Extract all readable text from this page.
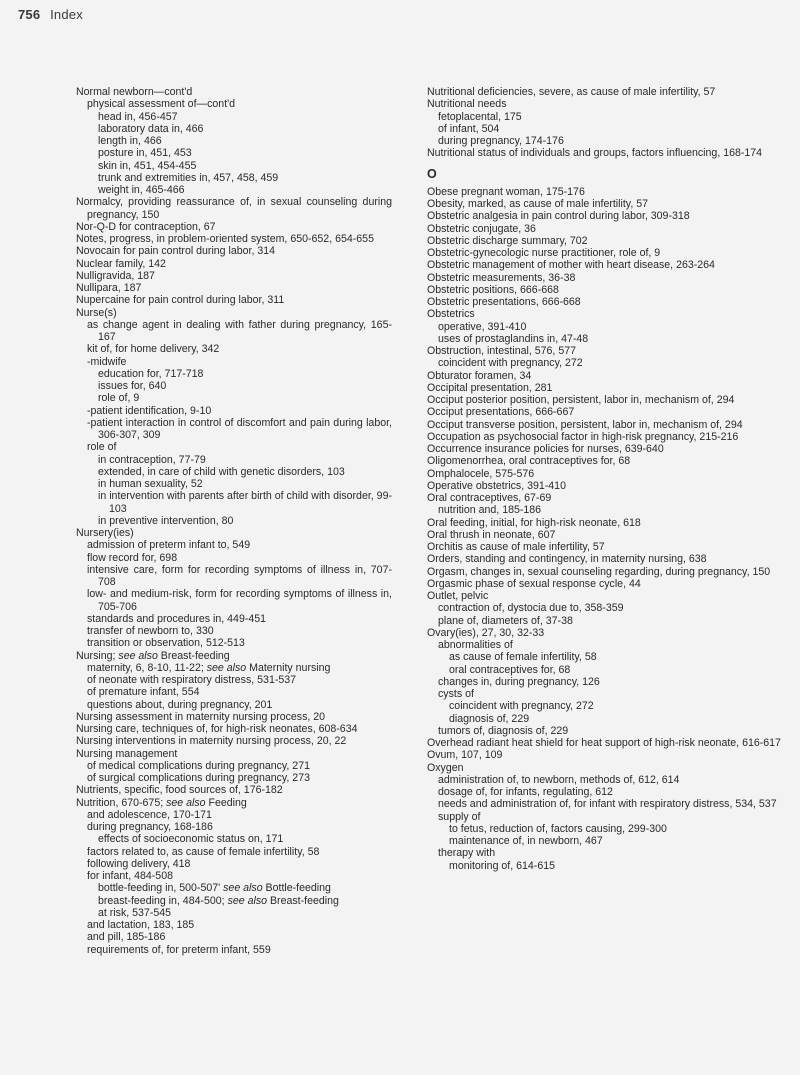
756 Index
Normal newborn—cont'd
physical assessment of—cont'd
head in, 456-457
laboratory data in, 466
length in, 466
posture in, 451, 453
skin in, 451, 454-455
trunk and extremities in, 457, 458, 459
weight in, 465-466
Normalcy, providing reassurance of, in sexual counseling during pregnancy, 150
Nor-Q-D for contraception, 67
Notes, progress, in problem-oriented system, 650-652, 654-655
Novocain for pain control during labor, 314
Nuclear family, 142
Nulligravida, 187
Nullipara, 187
Nupercaine for pain control during labor, 311
Nurse(s)
as change agent in dealing with father during pregnancy, 165-167
kit of, for home delivery, 342
-midwife
education for, 717-718
issues for, 640
role of, 9
-patient identification, 9-10
-patient interaction in control of discomfort and pain during labor, 306-307, 309
role of
in contraception, 77-79
extended, in care of child with genetic disorders, 103
in human sexuality, 52
in intervention with parents after birth of child with disorder, 99-103
in preventive intervention, 80
Nursery(ies)
admission of preterm infant to, 549
flow record for, 698
intensive care, form for recording symptoms of illness in, 707-708
low- and medium-risk, form for recording symptoms of illness in, 705-706
standards and procedures in, 449-451
transfer of newborn to, 330
transition or observation, 512-513
Nursing; see also Breast-feeding
maternity, 6, 8-10, 11-22; see also Maternity nursing
of neonate with respiratory distress, 531-537
of premature infant, 554
questions about, during pregnancy, 201
Nursing assessment in maternity nursing process, 20
Nursing care, techniques of, for high-risk neonates, 608-634
Nursing interventions in maternity nursing process, 20, 22
Nursing management
of medical complications during pregnancy, 271
of surgical complications during pregnancy, 273
Nutrients, specific, food sources of, 176-182
Nutrition, 670-675; see also Feeding
and adolescence, 170-171
during pregnancy, 168-186
effects of socioeconomic status on, 171
factors related to, as cause of female infertility, 58
following delivery, 418
for infant, 484-508
bottle-feeding in, 500-507' see also Bottle-feeding
breast-feeding in, 484-500; see also Breast-feeding
at risk, 537-545
and lactation, 183, 185
and pill, 185-186
requirements of, for preterm infant, 559
Nutritional deficiencies, severe, as cause of male infertility, 57
Nutritional needs
fetoplacental, 175
of infant, 504
during pregnancy, 174-176
Nutritional status of individuals and groups, factors influencing, 168-174
O
Obese pregnant woman, 175-176
Obesity, marked, as cause of male infertility, 57
Obstetric analgesia in pain control during labor, 309-318
Obstetric conjugate, 36
Obstetric discharge summary, 702
Obstetric-gynecologic nurse practitioner, role of, 9
Obstetric management of mother with heart disease, 263-264
Obstetric measurements, 36-38
Obstetric positions, 666-668
Obstetric presentations, 666-668
Obstetrics
operative, 391-410
uses of prostaglandins in, 47-48
Obstruction, intestinal, 576, 577
coincident with pregnancy, 272
Obturator foramen, 34
Occipital presentation, 281
Occiput posterior position, persistent, labor in, mechanism of, 294
Occiput presentations, 666-667
Occiput transverse position, persistent, labor in, mechanism of, 294
Occupation as psychosocial factor in high-risk pregnancy, 215-216
Occurrence insurance policies for nurses, 639-640
Oligomenorrhea, oral contraceptives for, 68
Omphalocele, 575-576
Operative obstetrics, 391-410
Oral contraceptives, 67-69
nutrition and, 185-186
Oral feeding, initial, for high-risk neonate, 618
Oral thrush in neonate, 607
Orchitis as cause of male infertility, 57
Orders, standing and contingency, in maternity nursing, 638
Orgasm, changes in, sexual counseling regarding, during pregnancy, 150
Orgasmic phase of sexual response cycle, 44
Outlet, pelvic
contraction of, dystocia due to, 358-359
plane of, diameters of, 37-38
Ovary(ies), 27, 30, 32-33
abnormalities of
as cause of female infertility, 58
oral contraceptives for, 68
changes in, during pregnancy, 126
cysts of
coincident with pregnancy, 272
diagnosis of, 229
tumors of, diagnosis of, 229
Overhead radiant heat shield for heat support of high-risk neonate, 616-617
Ovum, 107, 109
Oxygen
administration of, to newborn, methods of, 612, 614
dosage of, for infants, regulating, 612
needs and administration of, for infant with respiratory distress, 534, 537
supply of
to fetus, reduction of, factors causing, 299-300
maintenance of, in newborn, 467
therapy with
monitoring of, 614-615
